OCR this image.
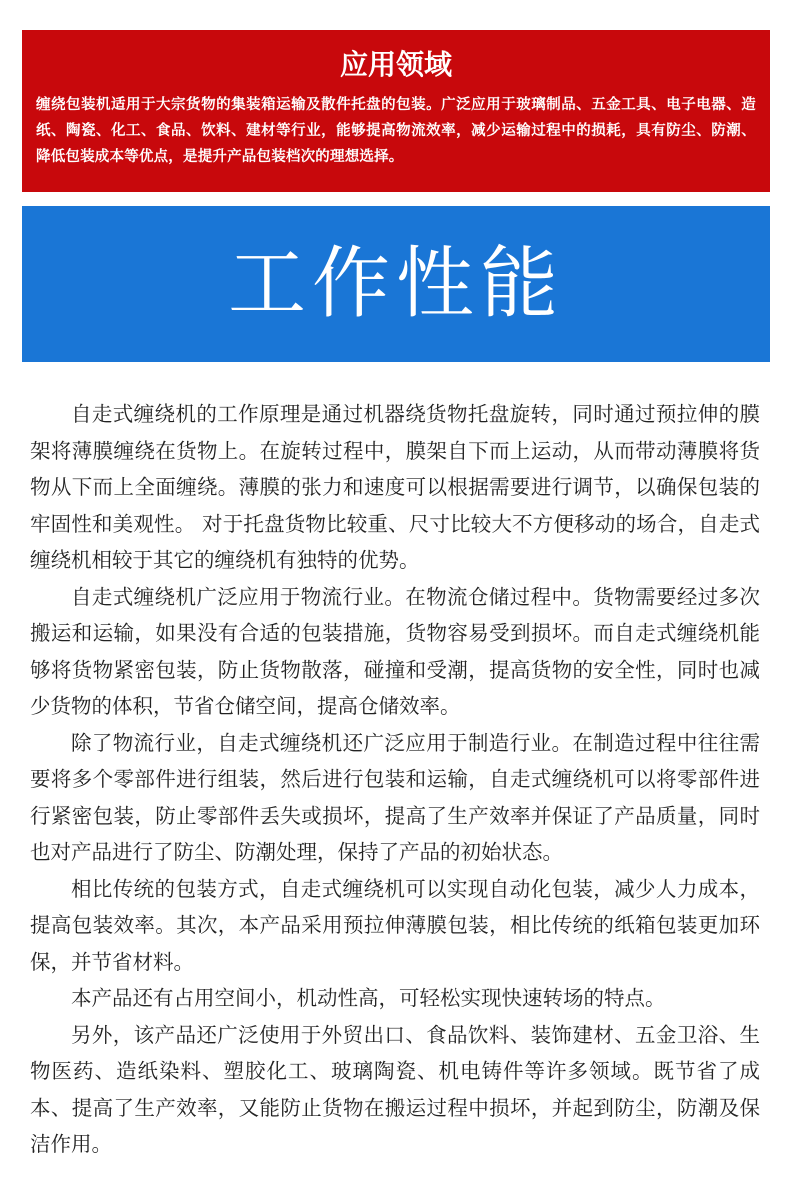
应用领域
缠绕包装机适用于大宗货物的集装箱运输及散件托盘的包装。广泛应用于玻璃制品、五金工具、电子电器、造纸、陶瓷、化工、食品、饮料、建材等行业，能够提高物流效率，减少运输过程中的损耗，具有防尘、防潮、降低包装成本等优点，是提升产品包装档次的理想选择。
工作性能

自走式缠绕机的工作原理是通过机器绕货物托盘旋转，同时通过预拉伸的膜架将薄膜缠绕在货物上。在旋转过程中，膜架自下而上运动，从而带动薄膜将货物从下而上全面缠绕。薄膜的张力和速度可以根据需要进行调节，以确保包装的牢固性和美观性。 对于托盘货物比较重、尺寸比较大不方便移动的场合，自走式缠绕机相较于其它的缠绕机有独特的优势。

自走式缠绕机广泛应用于物流行业。在物流仓储过程中。货物需要经过多次搬运和运输，如果没有合适的包装措施，货物容易受到损坏。而自走式缠绕机能够将货物紧密包装，防止货物散落，碰撞和受潮，提高货物的安全性，同时也减少货物的体积，节省仓储空间，提高仓储效率。

除了物流行业，自走式缠绕机还广泛应用于制造行业。在制造过程中往往需要将多个零部件进行组装，然后进行包装和运输，自走式缠绕机可以将零部件进行紧密包装，防止零部件丢失或损坏，提高了生产效率并保证了产品质量，同时也对产品进行了防尘、防潮处理，保持了产品的初始状态。

相比传统的包装方式，自走式缠绕机可以实现自动化包装，减少人力成本，提高包装效率。其次，本产品采用预拉伸薄膜包装，相比传统的纸箱包装更加环保，并节省材料。

本产品还有占用空间小，机动性高，可轻松实现快速转场的特点。

另外，该产品还广泛使用于外贸出口、食品饮料、装饰建材、五金卫浴、生物医药、造纸染料、塑胶化工、玻璃陶瓷、机电铸件等许多领域。既节省了成本、提高了生产效率，又能防止货物在搬运过程中损坏，并起到防尘，防潮及保洁作用。
